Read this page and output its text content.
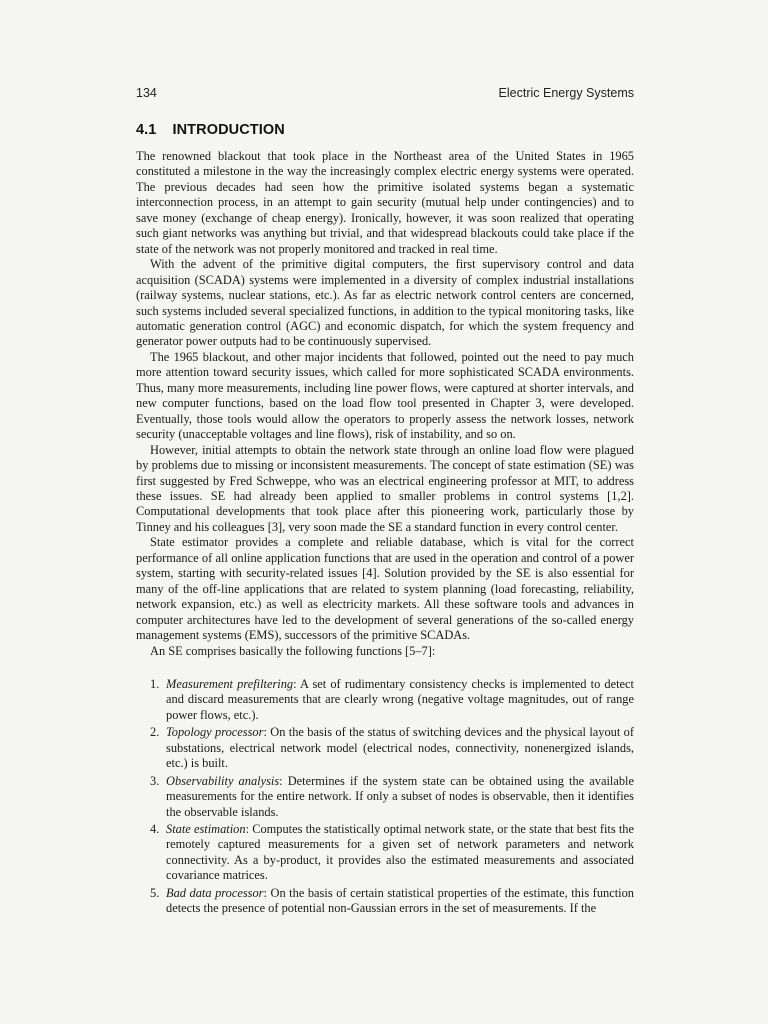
134	Electric Energy Systems
4.1 INTRODUCTION

The renowned blackout that took place in the Northeast area of the United States in 1965 constituted a milestone in the way the increasingly complex electric energy systems were operated. The previous decades had seen how the primitive isolated systems began a systematic interconnection process, in an attempt to gain security (mutual help under contingencies) and to save money (exchange of cheap energy). Ironically, however, it was soon realized that operating such giant networks was anything but trivial, and that widespread blackouts could take place if the state of the network was not properly monitored and tracked in real time.

With the advent of the primitive digital computers, the first supervisory control and data acquisition (SCADA) systems were implemented in a diversity of complex industrial installations (railway systems, nuclear stations, etc.). As far as electric network control centers are concerned, such systems included several specialized functions, in addition to the typical monitoring tasks, like automatic generation control (AGC) and economic dispatch, for which the system frequency and generator power outputs had to be continuously supervised.

The 1965 blackout, and other major incidents that followed, pointed out the need to pay much more attention toward security issues, which called for more sophisticated SCADA environments. Thus, many more measurements, including line power flows, were captured at shorter intervals, and new computer functions, based on the load flow tool presented in Chapter 3, were developed. Eventually, those tools would allow the operators to properly assess the network losses, network security (unacceptable voltages and line flows), risk of instability, and so on.

However, initial attempts to obtain the network state through an online load flow were plagued by problems due to missing or inconsistent measurements. The concept of state estimation (SE) was first suggested by Fred Schweppe, who was an electrical engineering professor at MIT, to address these issues. SE had already been applied to smaller problems in control systems [1,2]. Computational developments that took place after this pioneering work, particularly those by Tinney and his colleagues [3], very soon made the SE a standard function in every control center.

State estimator provides a complete and reliable database, which is vital for the correct performance of all online application functions that are used in the operation and control of a power system, starting with security-related issues [4]. Solution provided by the SE is also essential for many of the off-line applications that are related to system planning (load forecasting, reliability, network expansion, etc.) as well as electricity markets. All these software tools and advances in computer architectures have led to the development of several generations of the so-called energy management systems (EMS), successors of the primitive SCADAs.

An SE comprises basically the following functions [5–7]:

1. Measurement prefiltering: A set of rudimentary consistency checks is implemented to detect and discard measurements that are clearly wrong (negative voltage magnitudes, out of range power flows, etc.).
2. Topology processor: On the basis of the status of switching devices and the physical layout of substations, electrical network model (electrical nodes, connectivity, nonenergized islands, etc.) is built.
3. Observability analysis: Determines if the system state can be obtained using the available measurements for the entire network. If only a subset of nodes is observable, then it identifies the observable islands.
4. State estimation: Computes the statistically optimal network state, or the state that best fits the remotely captured measurements for a given set of network parameters and network connectivity. As a by-product, it provides also the estimated measurements and associated covariance matrices.
5. Bad data processor: On the basis of certain statistical properties of the estimate, this function detects the presence of potential non-Gaussian errors in the set of measurements. If the
